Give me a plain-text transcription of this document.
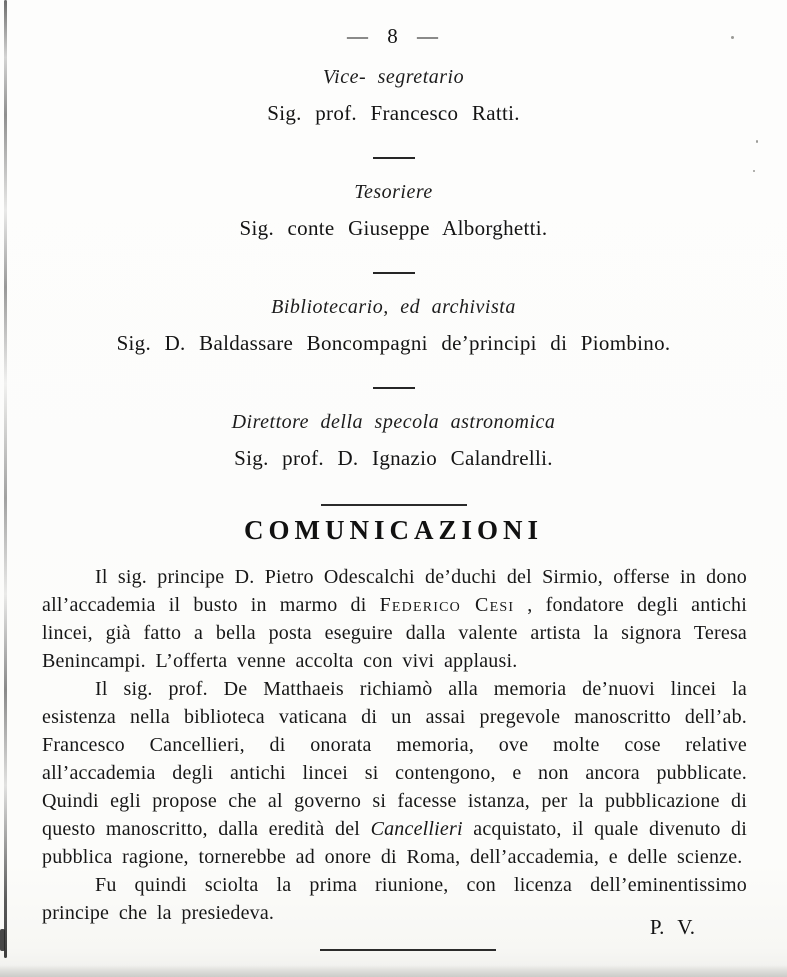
— 8 —
Vice- segretario
Sig. prof. Francesco Ratti.
Tesoriere
Sig. conte Giuseppe Alborghetti.
Bibliotecario, ed archivista
Sig. D. Baldassare Boncompagni de’principi di Piombino.
Direttore della specola astronomica
Sig. prof. D. Ignazio Calandrelli.
COMUNICAZIONI

Il sig. principe D. Pietro Odescalchi de’duchi del Sirmio, offerse in dono all’accademia il busto in marmo di Federico Cesi , fondatore degli antichi lincei, già fatto a bella posta eseguire dalla valente artista la signora Teresa Benincampi. L’offerta venne accolta con vivi applausi.

Il sig. prof. De Matthaeis richiamò alla memoria de’nuovi lincei la esistenza nella biblioteca vaticana di un assai pregevole manoscritto dell’ab. Francesco Cancellieri, di onorata memoria, ove molte cose relative all’accademia degli antichi lincei si contengono, e non ancora pubblicate. Quindi egli propose che al governo si facesse istanza, per la pubblicazione di questo manoscritto, dalla eredità del Cancellieri acquistato, il quale divenuto di pubblica ragione, tornerebbe ad onore di Roma, dell’accademia, e delle scienze.

Fu quindi sciolta la prima riunione, con licenza dell’eminentissimo principe che la presiedeva.

P. V.
